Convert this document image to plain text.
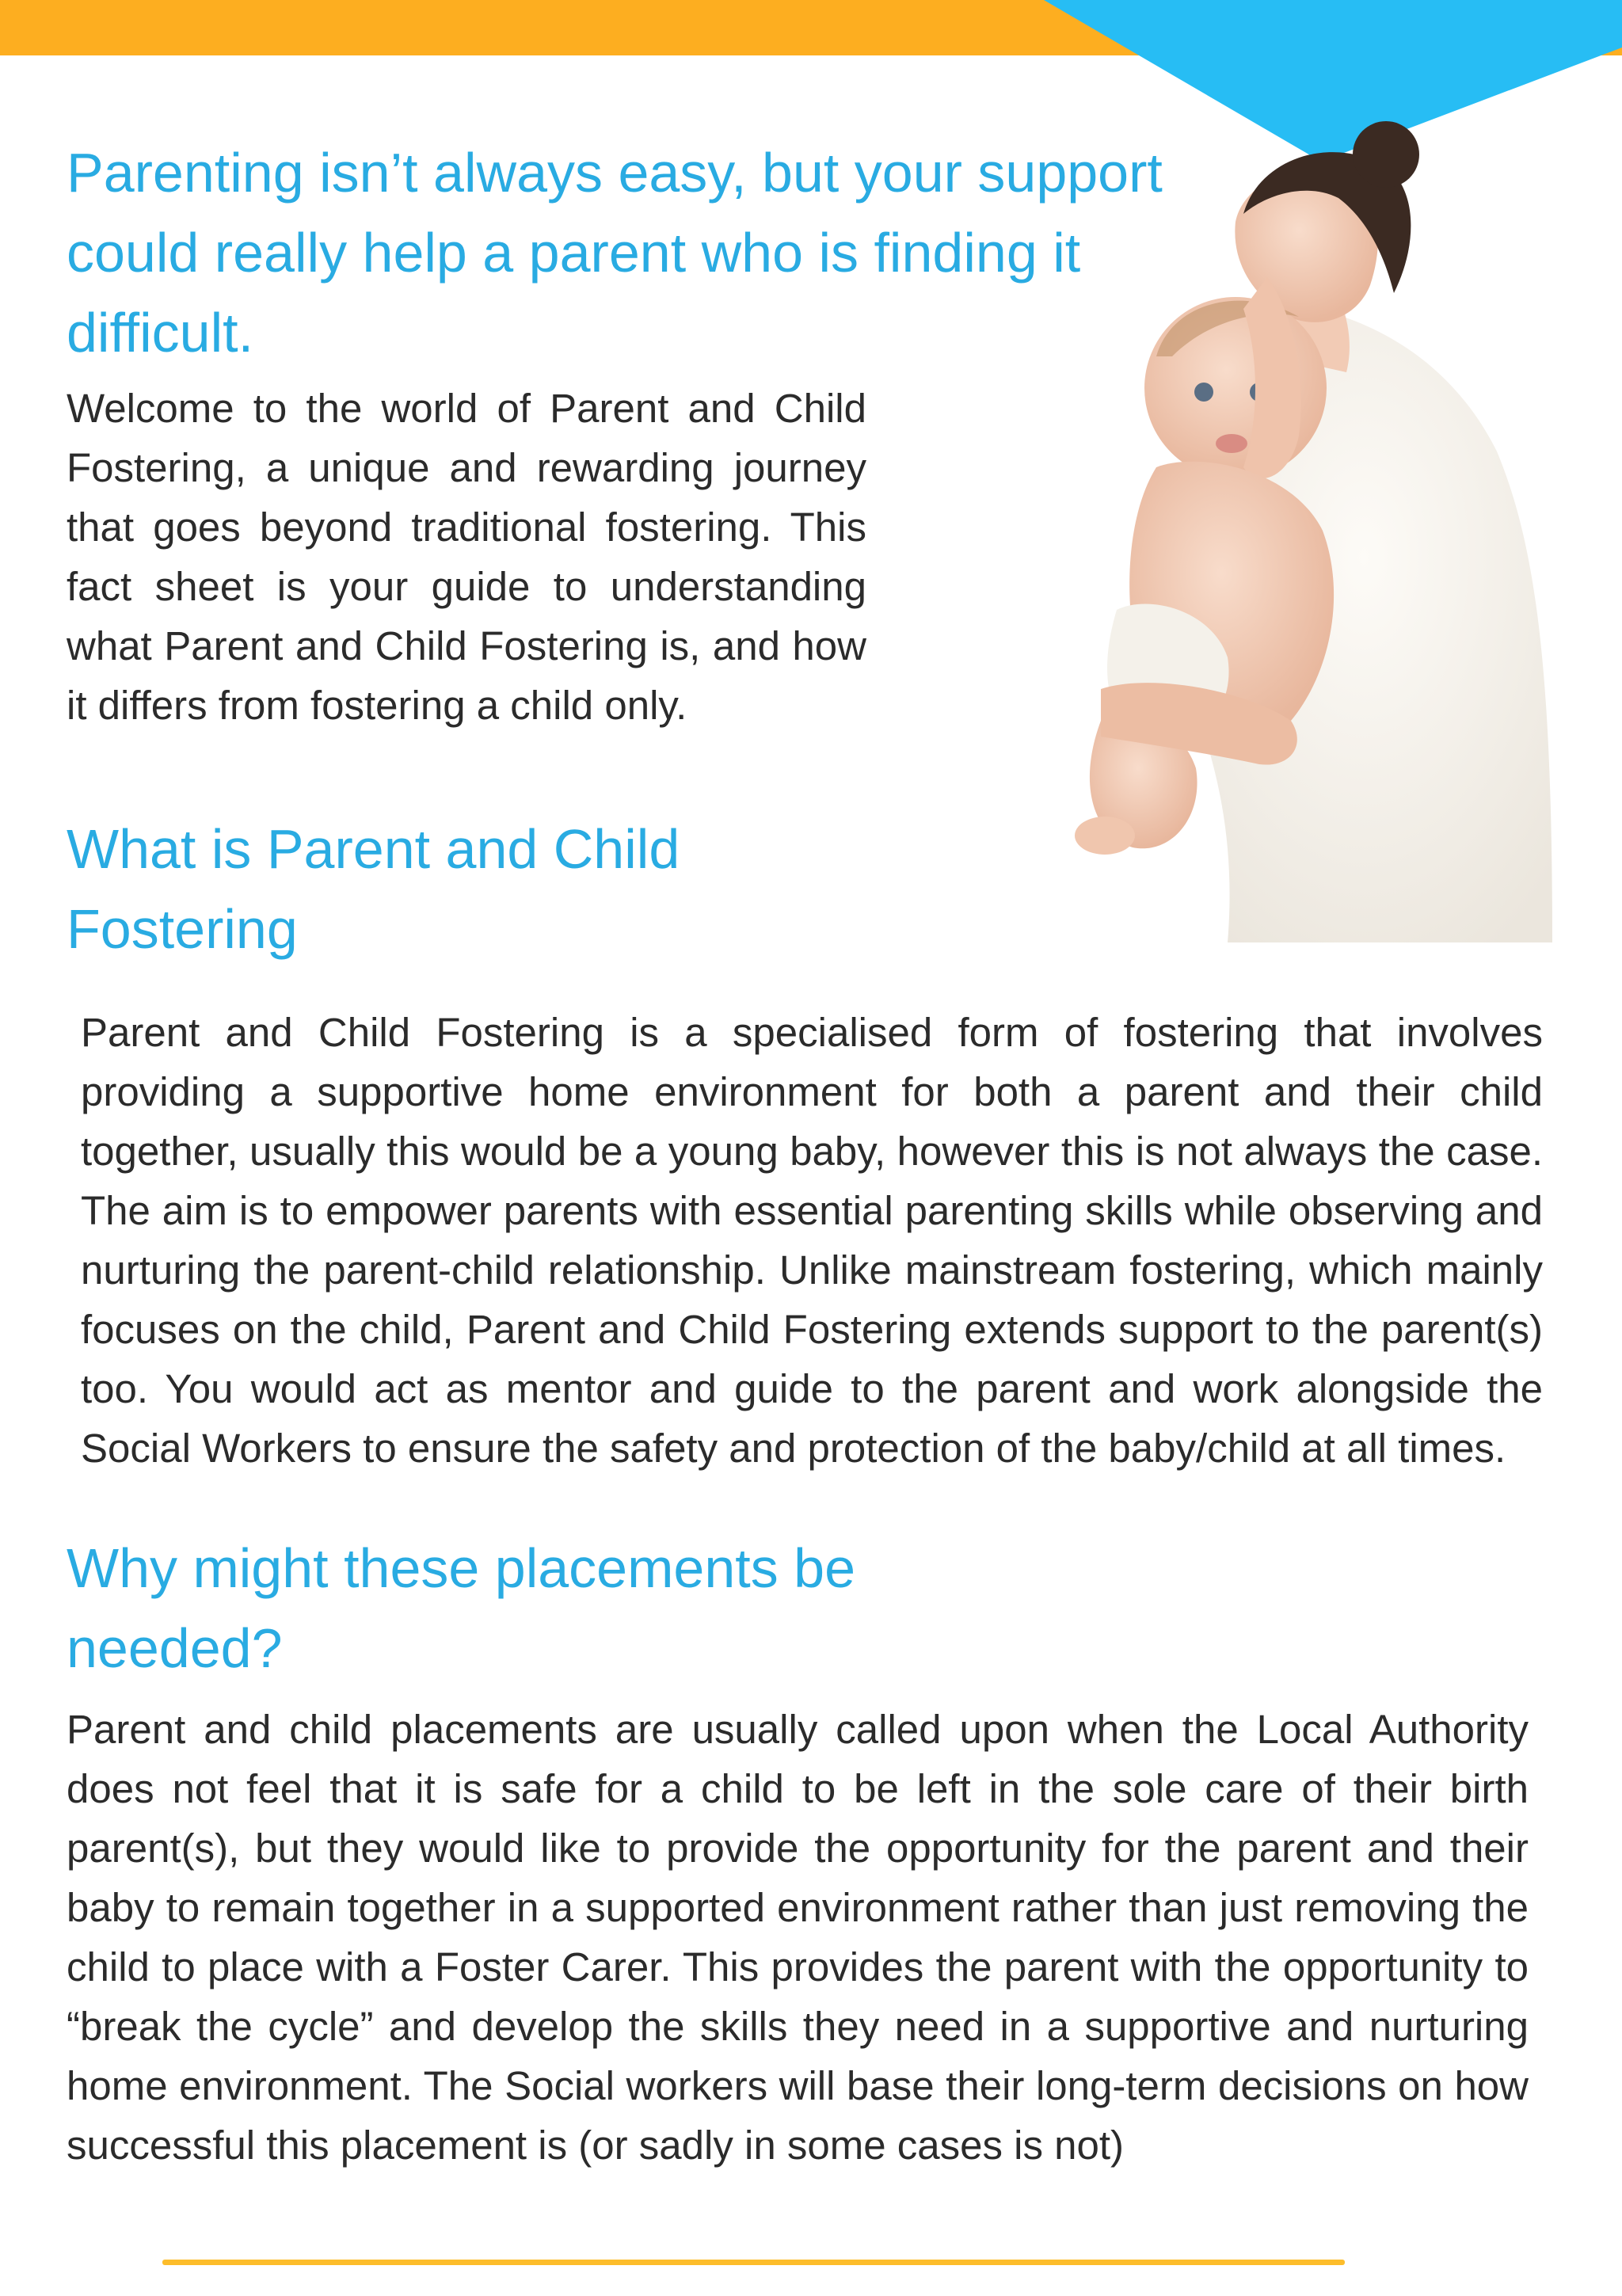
Parenting isn’t always easy, but your support could really help a parent who is finding it difficult.

Welcome to the world of Parent and Child Fostering, a unique and rewarding journey that goes beyond traditional fostering. This fact sheet is your guide to understanding what Parent and Child Fostering is, and how it differs from fostering a child only.

What is Parent and Child Fostering

Parent and Child Fostering is a specialised form of fostering that involves providing a supportive home environment for both a parent and their child together, usually this would be a young baby, however this is not always the case. The aim is to empower parents with essential parenting skills while observing and nurturing the parent-child relationship. Unlike mainstream fostering, which mainly focuses on the child, Parent and Child Fostering extends support to the parent(s) too. You would act as mentor and guide to the parent and work alongside the Social Workers to ensure the safety and protection of the baby/child at all times.

Why might these placements be needed?

Parent and child placements are usually called upon when the Local Authority does not feel that it is safe for a child to be left in the sole care of their birth parent(s), but they would like to provide the opportunity for the parent and their baby to remain together in a supported environment rather than just removing the child to place with a Foster Carer. This provides the parent with the opportunity to “break the cycle” and develop the skills they need in a supportive and nurturing home environment. The Social workers will base their long-term decisions on how successful this placement is (or sadly in some cases is not)
